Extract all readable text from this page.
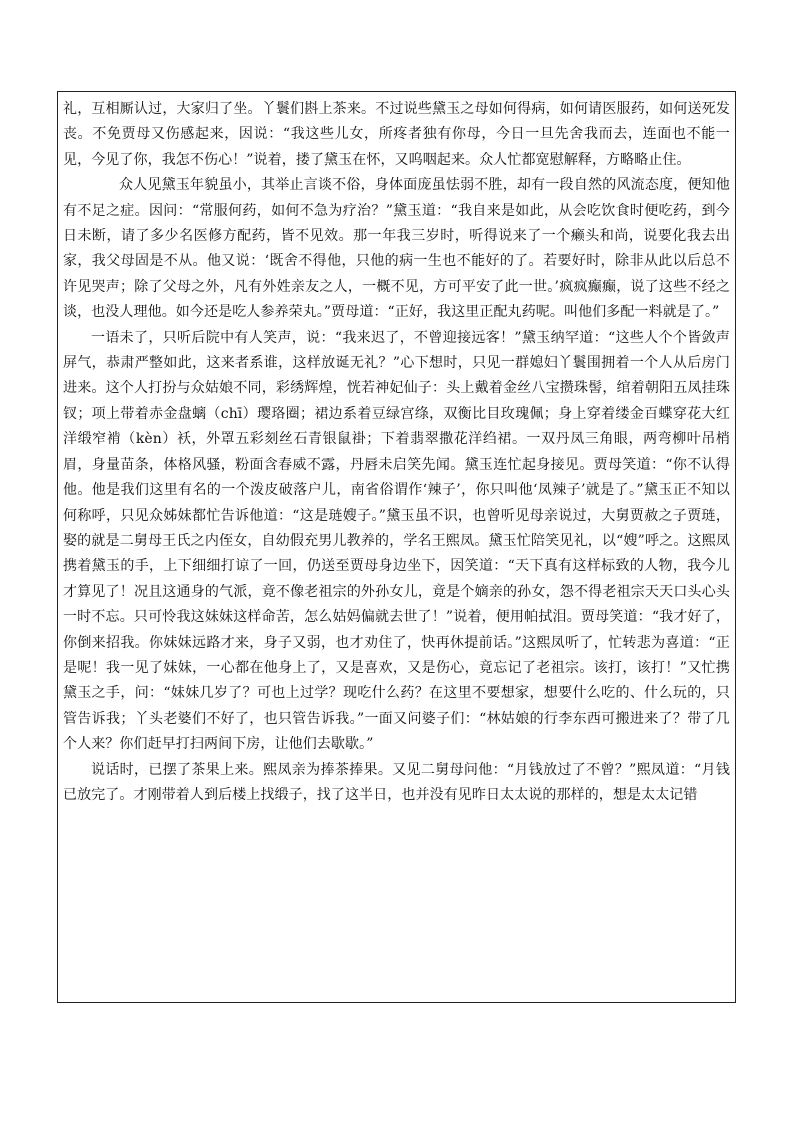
礼，互相厮认过，大家归了坐。丫鬟们斟上茶来。不过说些黛玉之母如何得病，如何请医服药，如何送死发丧。不免贾母又伤感起来，因说：“我这些儿女，所疼者独有你母，今日一旦先舍我而去，连面也不能一见，今见了你，我怎不伤心！”说着，搂了黛玉在怀，又呜咽起来。众人忙都宽慰解释，方略略止住。

众人见黛玉年貌虽小，其举止言谈不俗，身体面庞虽怯弱不胜，却有一段自然的风流态度，便知他有不足之症。因问：“常服何药，如何不急为疗治？”黛玉道：“我自来是如此，从会吃饮食时便吃药，到今日未断，请了多少名医修方配药，皆不见效。那一年我三岁时，听得说来了一个癞头和尚，说要化我去出家，我父母固是不从。他又说：‘既舍不得他，只他的病一生也不能好的了。若要好时，除非从此以后总不许见哭声；除了父母之外，凡有外姓亲友之人，一概不见，方可平安了此一世。’疯疯癫癫，说了这些不经之谈，也没人理他。如今还是吃人参养荣丸。”贾母道：“正好，我这里正配丸药呢。叫他们多配一料就是了。”

一语未了，只听后院中有人笑声，说：“我来迟了，不曾迎接远客！”黛玉纳罕道：“这些人个个皆敛声屏气，恭肃严整如此，这来者系谁，这样放诞无礼？”心下想时，只见一群媳妇丫鬟围拥着一个人从后房门进来。这个人打扮与众姑娘不同，彩绣辉煌，恍若神妃仙子：头上戴着金丝八宝攒珠髻，绾着朝阳五凤挂珠钗；项上带着赤金盘螭（chī）璎珞圈；裙边系着豆绿宫绦，双衡比目玫瑰佩；身上穿着缕金百蝶穿花大红洋缎窄褃（kèn）袄，外罩五彩刻丝石青银鼠褂；下着翡翠撒花洋绉裙。一双丹凤三角眼，两弯柳叶吊梢眉，身量苗条，体格风骚，粉面含春威不露，丹唇未启笑先闻。黛玉连忙起身接见。贾母笑道：“你不认得他。他是我们这里有名的一个泼皮破落户儿，南省俗谓作‘辣子’，你只叫他‘凤辣子’就是了。”黛玉正不知以何称呼，只见众姊妹都忙告诉他道：“这是琏嫂子。”黛玉虽不识，也曾听见母亲说过，大舅贾赦之子贾琏，娶的就是二舅母王氏之内侄女，自幼假充男儿教养的，学名王熙凤。黛玉忙陪笑见礼，以“嫂”呼之。这熙凤携着黛玉的手，上下细细打谅了一回，仍送至贾母身边坐下，因笑道：“天下真有这样标致的人物，我今儿才算见了！况且这通身的气派，竟不像老祖宗的外孙女儿，竟是个嫡亲的孙女，怨不得老祖宗天天口头心头一时不忘。只可怜我这妹妹这样命苦，怎么姑妈偏就去世了！”说着，便用帕拭泪。贾母笑道：“我才好了，你倒来招我。你妹妹远路才来，身子又弱，也才劝住了，快再休提前话。”这熙凤听了，忙转悲为喜道：“正是呢！我一见了妹妹，一心都在他身上了，又是喜欢，又是伤心，竟忘记了老祖宗。该打，该打！”又忙携黛玉之手，问：“妹妹几岁了？可也上过学？现吃什么药？在这里不要想家，想要什么吃的、什么玩的，只管告诉我；丫头老婆们不好了，也只管告诉我。”一面又问婆子们：“林姑娘的行李东西可搬进来了？带了几个人来？你们赶早打扫两间下房，让他们去歇歇。”

说话时，已摆了茶果上来。熙凤亲为捧茶捧果。又见二舅母问他：“月钱放过了不曾？”熙凤道：“月钱已放完了。才刚带着人到后楼上找缎子，找了这半日，也并没有见昨日太太说的那样的，想是太太记错
